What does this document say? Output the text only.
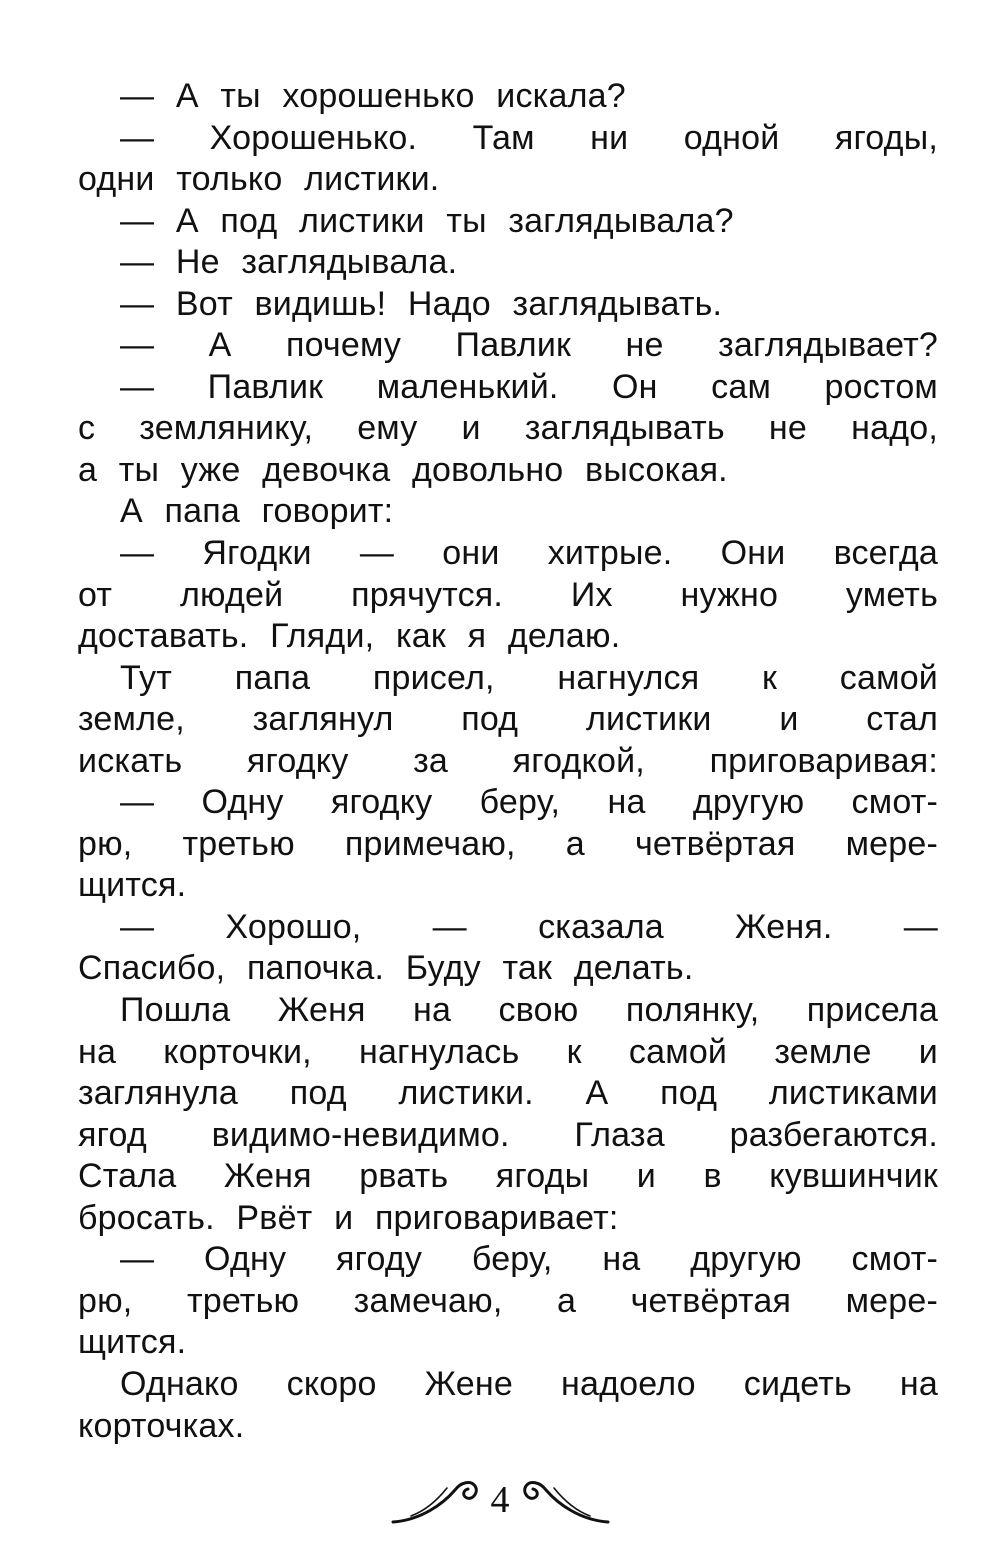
— А ты хорошенько искала?
— Хорошенько. Там ни одной ягоды,
одни только листики.
— А под листики ты заглядывала?
— Не заглядывала.
— Вот видишь! Надо заглядывать.
— А почему Павлик не заглядывает?
— Павлик маленький. Он сам ростом
с землянику, ему и заглядывать не надо,
а ты уже девочка довольно высокая.
А папа говорит:
— Ягодки — они хитрые. Они всегда
от людей прячутся. Их нужно уметь
доставать. Гляди, как я делаю.
Тут папа присел, нагнулся к самой
земле, заглянул под листики и стал
искать ягодку за ягодкой, приговаривая:
— Одну ягодку беру, на другую смот-
рю, третью примечаю, а четвёртая мере-
щится.
— Хорошо, — сказала Женя. —
Спасибо, папочка. Буду так делать.
Пошла Женя на свою полянку, присела
на корточки, нагнулась к самой земле и
заглянула под листики. А под листиками
ягод видимо-невидимо. Глаза разбегаются.
Стала Женя рвать ягоды и в кувшинчик
бросать. Рвёт и приговаривает:
— Одну ягоду беру, на другую смот-
рю, третью замечаю, а четвёртая мере-
щится.
Однако скоро Жене надоело сидеть на
корточках.
4
